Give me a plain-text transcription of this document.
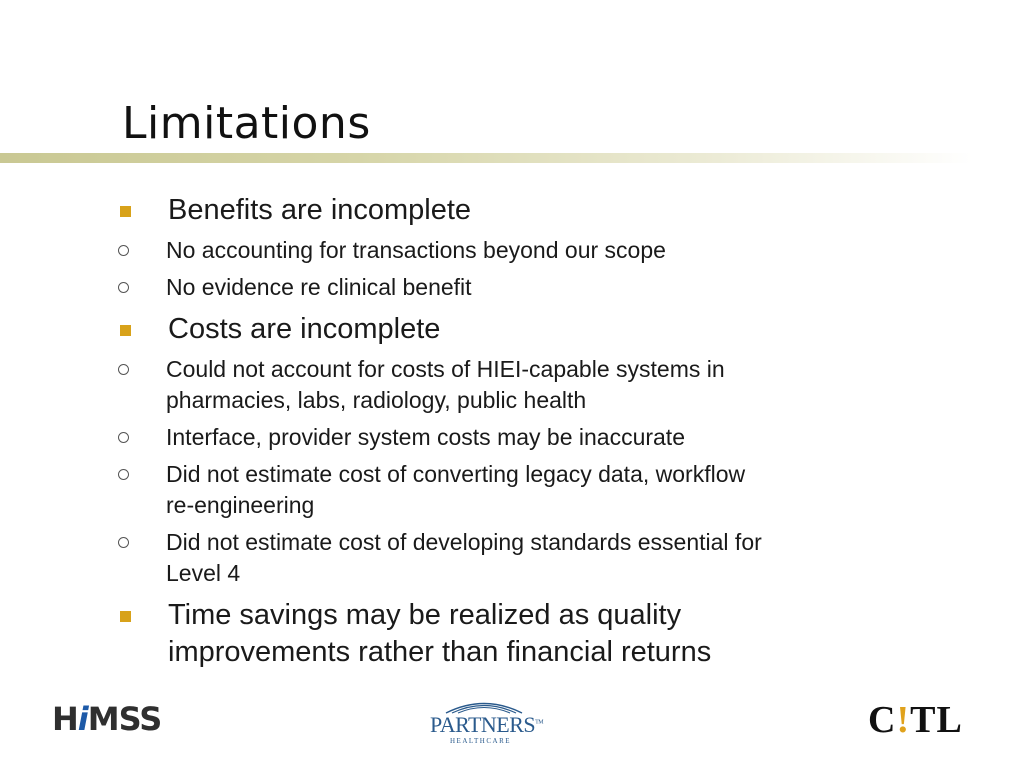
Limitations
Benefits are incomplete
No accounting for transactions beyond our scope
No evidence re clinical benefit
Costs are incomplete
Could not account for costs of HIEI-capable systems in
pharmacies, labs, radiology, public health
Interface, provider system costs may be inaccurate
Did not estimate cost of converting legacy data, workflow
re-engineering
Did not estimate cost of developing standards essential for
Level 4
Time savings may be realized as quality
improvements rather than financial returns
HiMSS	PARTNERS™
HEALTHCARE	C!TL
